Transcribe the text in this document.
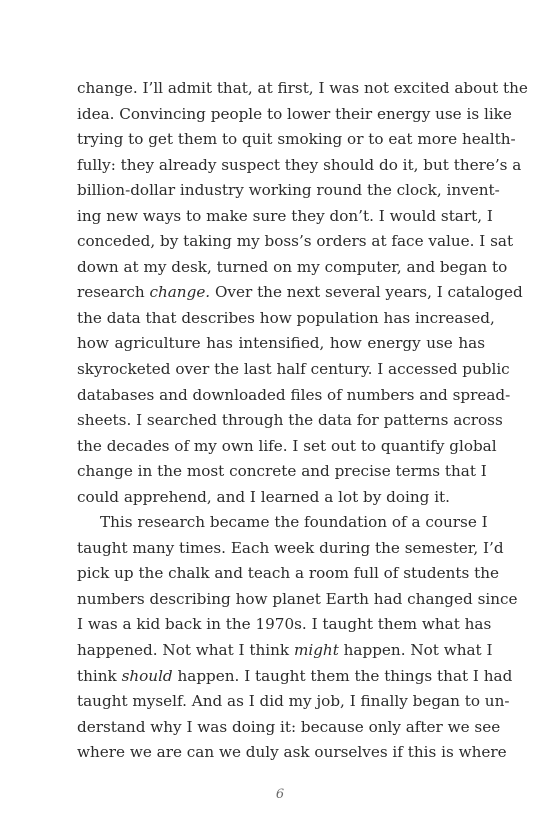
change. I’ll admit that, at first, I was not excited about the
idea. Convincing people to lower their energy use is like
trying to get them to quit smoking or to eat more health-
fully: they already suspect they should do it, but there’s a
billion-dollar industry working round the clock, invent-
ing new ways to make sure they don’t. I would start, I
conceded, by taking my boss’s orders at face value. I sat
down at my desk, turned on my computer, and began to
research change. Over the next several years, I cataloged
the data that describes how population has increased,
how agriculture has intensified, how energy use has
skyrocketed over the last half century. I accessed public
databases and downloaded files of numbers and spread-
sheets. I searched through the data for patterns across
the decades of my own life. I set out to quantify global
change in the most concrete and precise terms that I
could apprehend, and I learned a lot by doing it.

This research became the foundation of a course I
taught many times. Each week during the semester, I’d
pick up the chalk and teach a room full of students the
numbers describing how planet Earth had changed since
I was a kid back in the 1970s. I taught them what has
happened. Not what I think might happen. Not what I
think should happen. I taught them the things that I had
taught myself. And as I did my job, I finally began to un-
derstand why I was doing it: because only after we see
where we are can we duly ask ourselves if this is where

6
